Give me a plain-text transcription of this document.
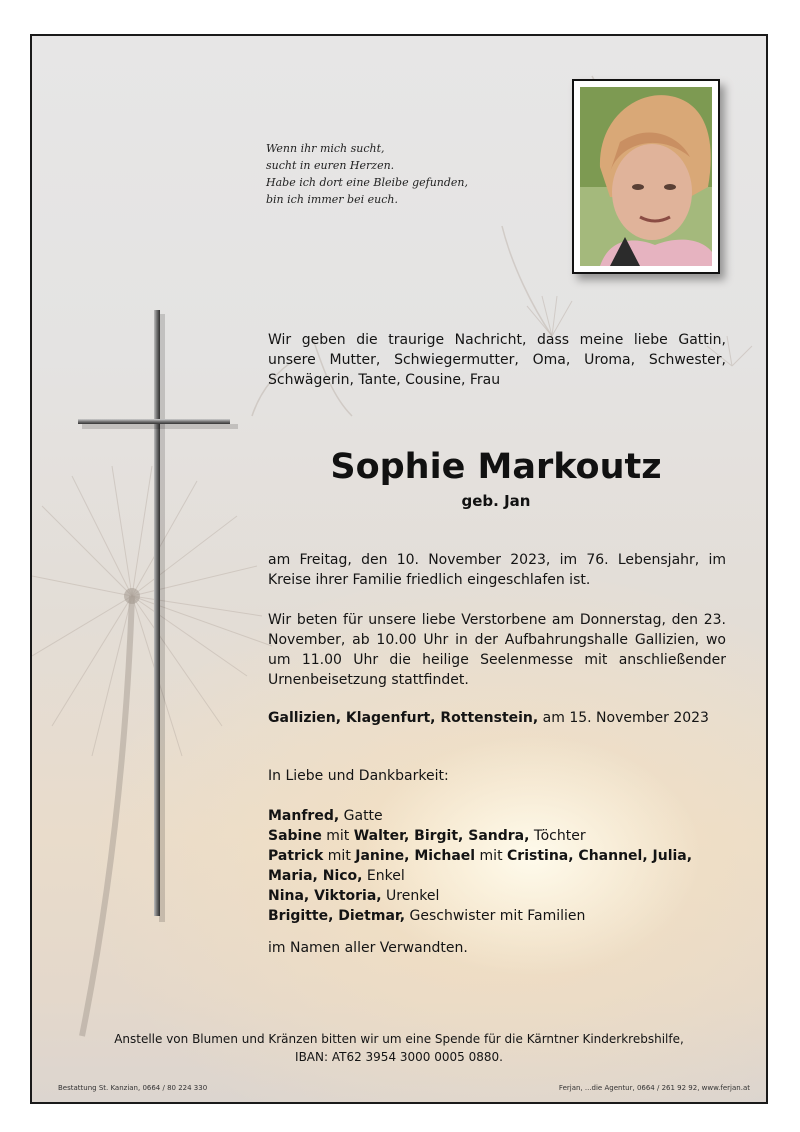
Wenn ihr mich sucht,
sucht in euren Herzen.
Habe ich dort eine Bleibe gefunden,
bin ich immer bei euch.
Wir geben die traurige Nachricht, dass meine liebe Gattin, unsere Mutter, Schwiegermutter, Oma, Uroma, Schwester, Schwägerin, Tante, Cousine, Frau
Sophie Markoutz
geb. Jan
am Freitag, den 10. November 2023, im 76. Lebensjahr, im Kreise ihrer Familie friedlich eingeschlafen ist.
Wir beten für unsere liebe Verstorbene am Donnerstag, den 23. November, ab 10.00 Uhr in der Aufbahrungshalle Gallizien, wo um 11.00 Uhr die heilige Seelenmesse mit anschließender Urnenbeisetzung stattfindet.
Gallizien, Klagenfurt, Rottenstein, am 15. November 2023
In Liebe und Dankbarkeit:
Manfred, Gatte
Sabine mit Walter, Birgit, Sandra, Töchter
Patrick mit Janine, Michael mit Cristina, Channel, Julia,
Maria, Nico, Enkel
Nina, Viktoria, Urenkel
Brigitte, Dietmar, Geschwister mit Familien
im Namen aller Verwandten.
Anstelle von Blumen und Kränzen bitten wir um eine Spende für die Kärntner Kinderkrebshilfe,
IBAN: AT62 3954 3000 0005 0880.
Bestattung St. Kanzian, 0664 / 80 224 330	Ferjan, ...die Agentur, 0664 / 261 92 92, www.ferjan.at
